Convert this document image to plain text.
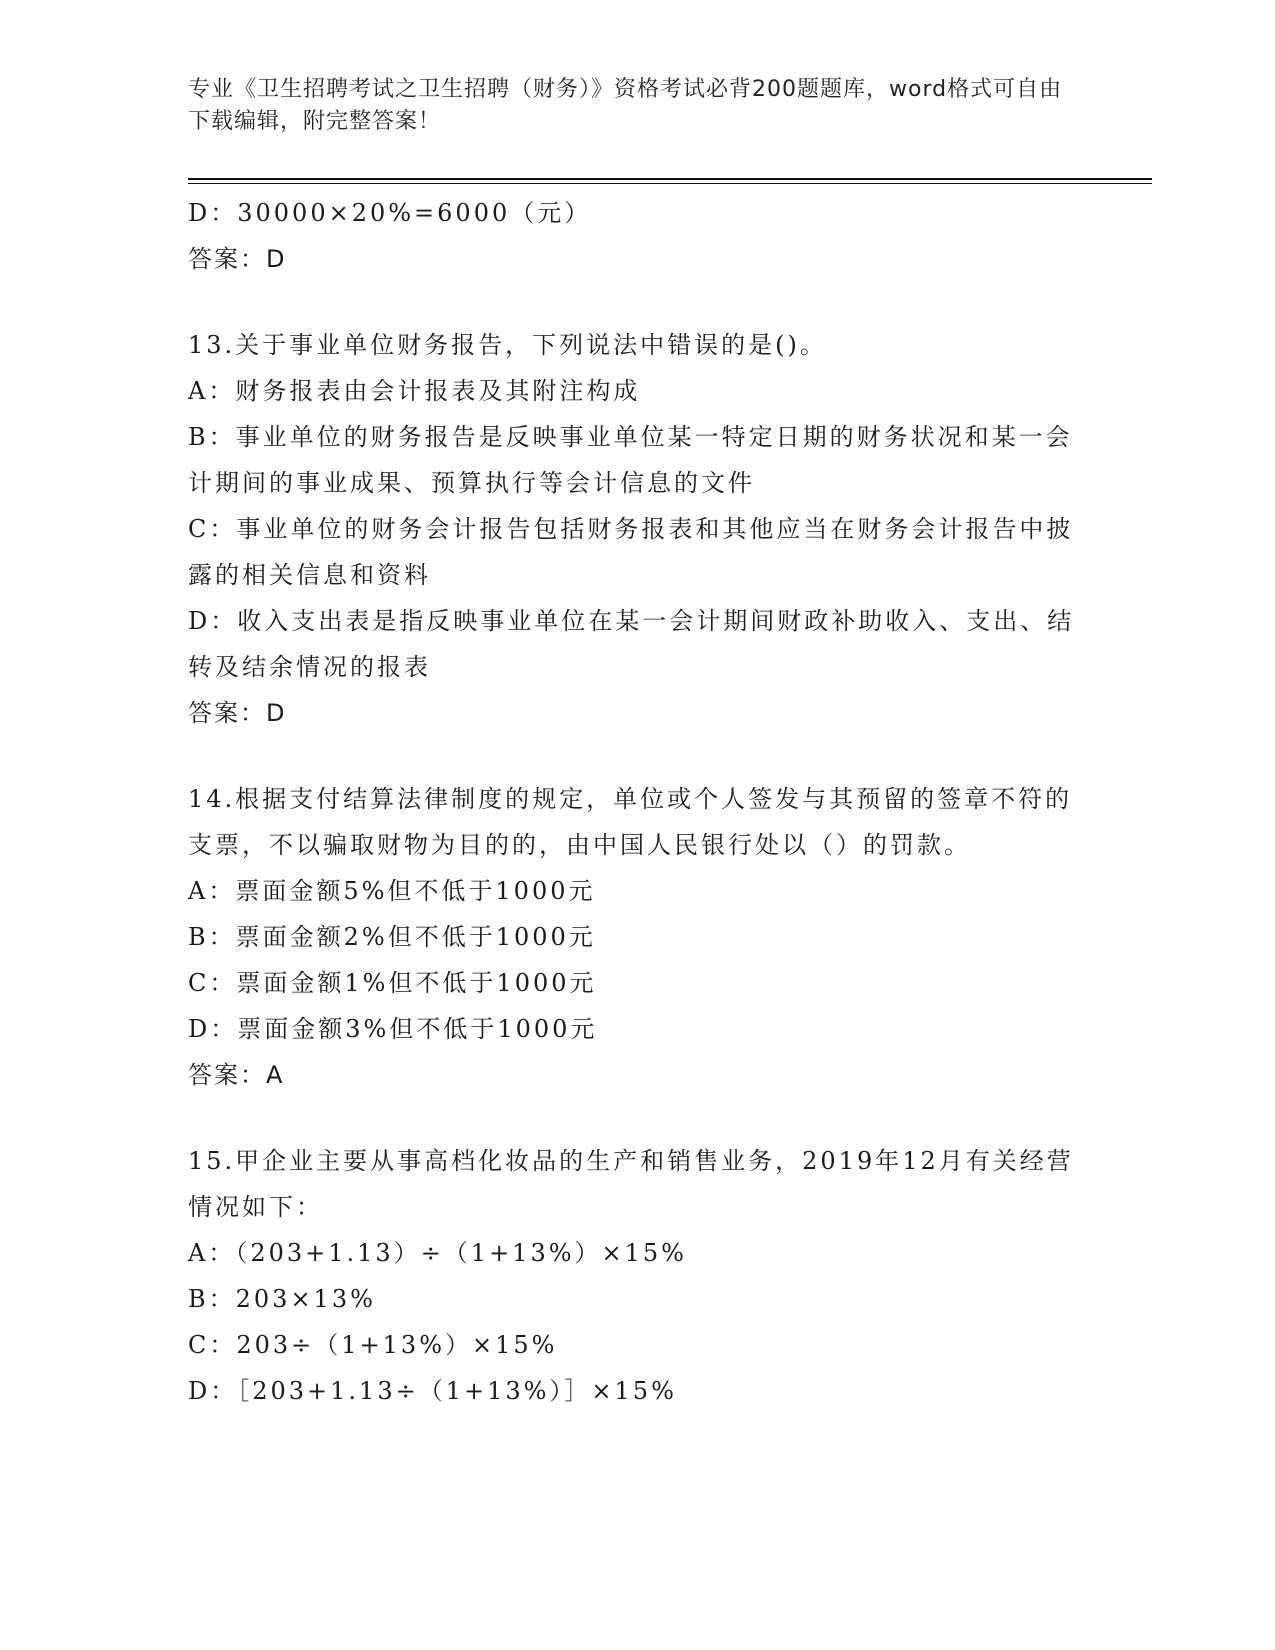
专业《卫生招聘考试之卫生招聘（财务）》资格考试必背200题题库，word格式可自由下载编辑，附完整答案！
D：30000×20%=6000（元）
答案：D
13.关于事业单位财务报告，下列说法中错误的是()。
A：财务报表由会计报表及其附注构成
B：事业单位的财务报告是反映事业单位某一特定日期的财务状况和某一会计期间的事业成果、预算执行等会计信息的文件
C：事业单位的财务会计报告包括财务报表和其他应当在财务会计报告中披露的相关信息和资料
D：收入支出表是指反映事业单位在某一会计期间财政补助收入、支出、结转及结余情况的报表
答案：D
14.根据支付结算法律制度的规定，单位或个人签发与其预留的签章不符的支票，不以骗取财物为目的的，由中国人民银行处以（）的罚款。
A：票面金额5%但不低于1000元
B：票面金额2%但不低于1000元
C：票面金额1%但不低于1000元
D：票面金额3%但不低于1000元
答案：A
15.甲企业主要从事高档化妆品的生产和销售业务，2019年12月有关经营情况如下：
A：（203+1.13）÷（1+13%）×15%
B：203×13%
C：203÷（1+13%）×15%
D：［203+1.13÷（1+13%）］×15%
